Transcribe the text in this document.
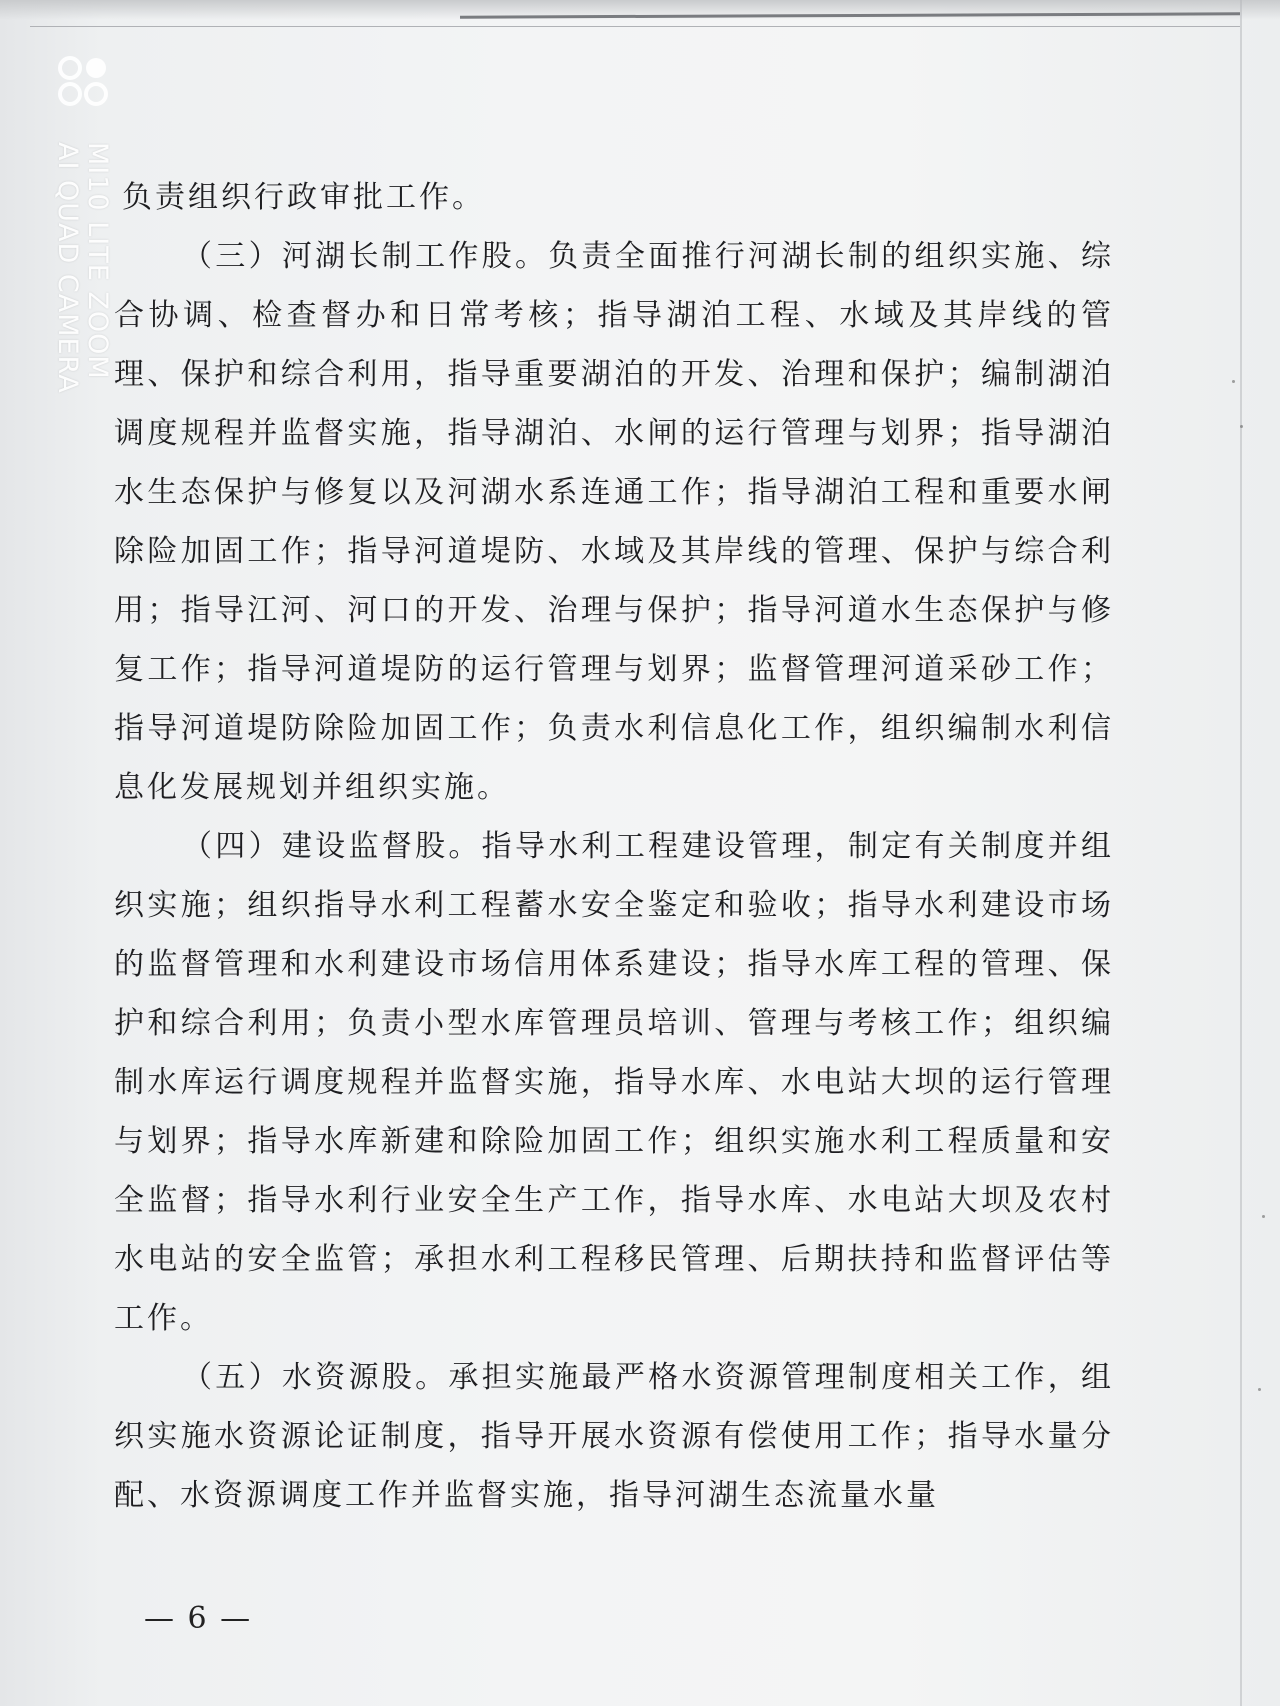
MI10 LITE ZOOM
AI QUAD CAMERA 负责组织行政审批工作。

（三）河湖长制工作股。负责全面推行河湖长制的组织实施、综合协调、检查督办和日常考核；指导湖泊工程、水域及其岸线的管理、保护和综合利用，指导重要湖泊的开发、治理和保护；编制湖泊调度规程并监督实施，指导湖泊、水闸的运行管理与划界；指导湖泊水生态保护与修复以及河湖水系连通工作；指导湖泊工程和重要水闸除险加固工作；指导河道堤防、水域及其岸线的管理、保护与综合利用；指导江河、河口的开发、治理与保护；指导河道水生态保护与修复工作；指导河道堤防的运行管理与划界；监督管理河道采砂工作；指导河道堤防除险加固工作；负责水利信息化工作，组织编制水利信息化发展规划并组织实施。

（四）建设监督股。指导水利工程建设管理，制定有关制度并组织实施；组织指导水利工程蓄水安全鉴定和验收；指导水利建设市场的监督管理和水利建设市场信用体系建设；指导水库工程的管理、保护和综合利用；负责小型水库管理员培训、管理与考核工作；组织编制水库运行调度规程并监督实施，指导水库、水电站大坝的运行管理与划界；指导水库新建和除险加固工作；组织实施水利工程质量和安全监督；指导水利行业安全生产工作，指导水库、水电站大坝及农村水电站的安全监管；承担水利工程移民管理、后期扶持和监督评估等工作。

（五）水资源股。承担实施最严格水资源管理制度相关工作，组织实施水资源论证制度，指导开展水资源有偿使用工作；指导水量分配、水资源调度工作并监督实施，指导河湖生态流量水量

— 6 —
